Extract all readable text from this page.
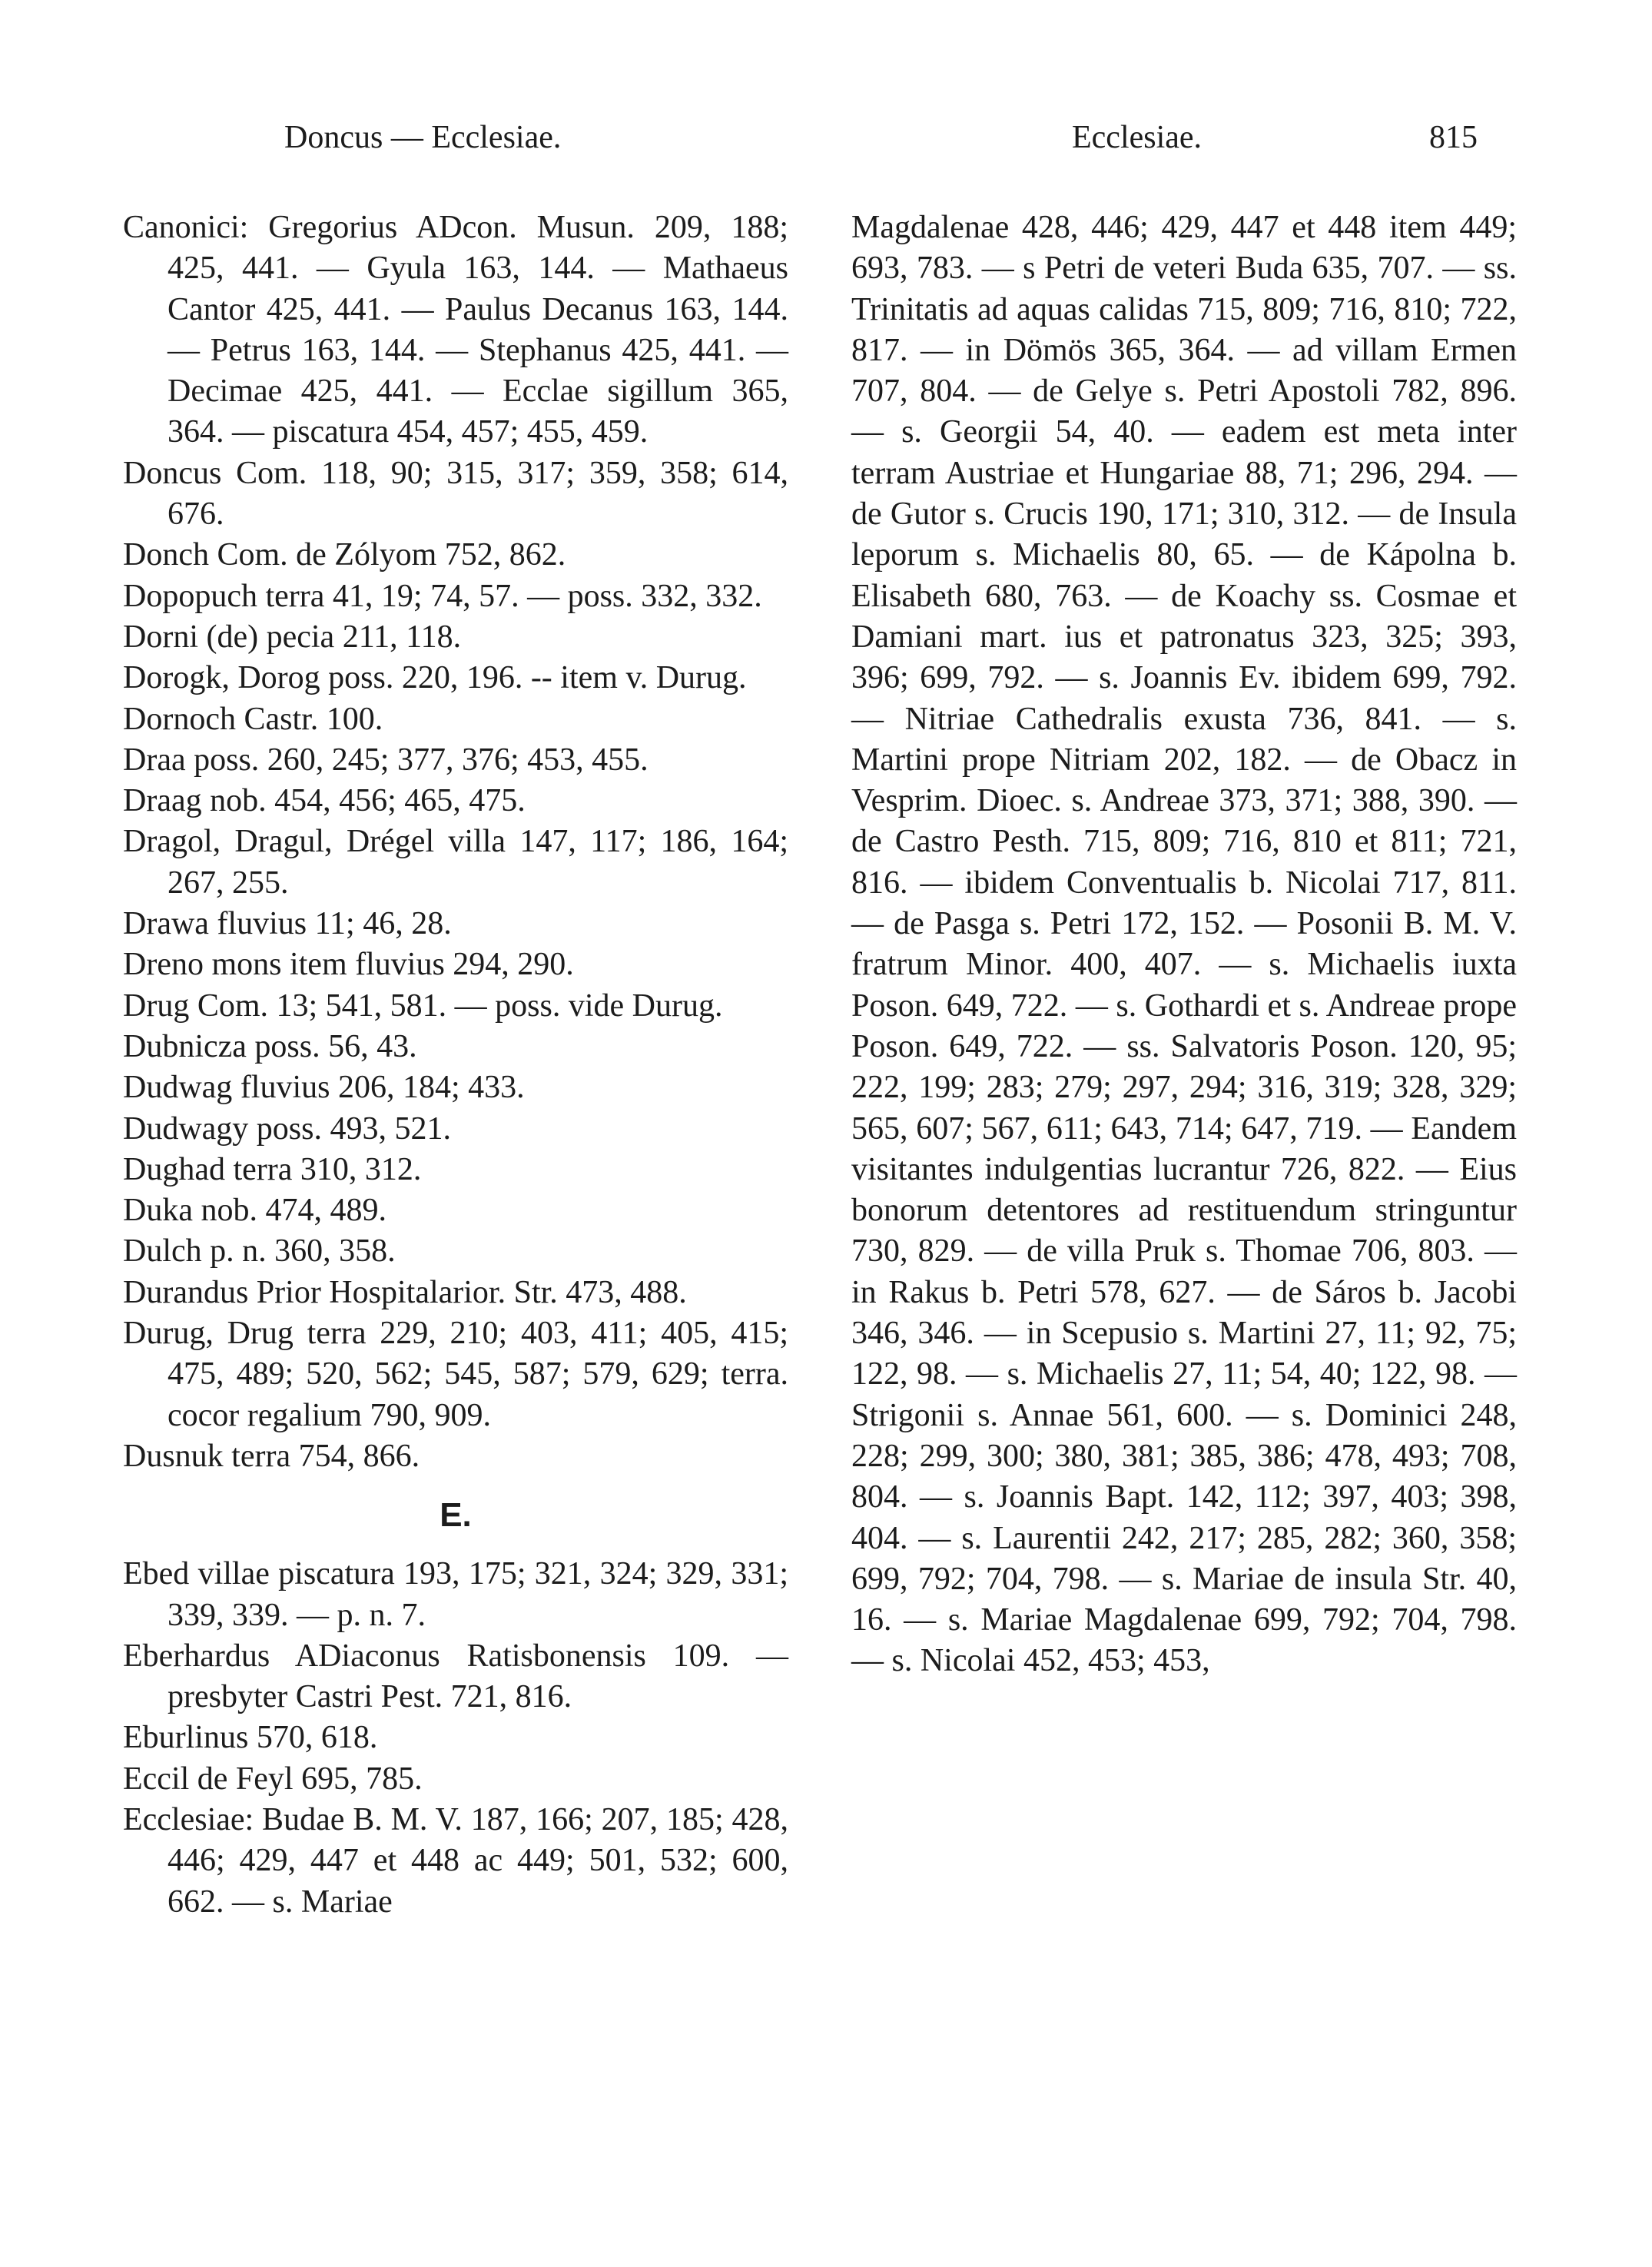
Doncus — Ecclesiae.	Ecclesiae.	815
Canonici: Gregorius ADcon. Musun. 209, 188; 425, 441. — Gyula 163, 144. — Mathaeus Cantor 425, 441. — Paulus Decanus 163, 144. — Petrus 163, 144. — Stephanus 425, 441. — Decimae 425, 441. — Ecclae sigillum 365, 364. — piscatura 454, 457; 455, 459.
Doncus Com. 118, 90; 315, 317; 359, 358; 614, 676.
Donch Com. de Zólyom 752, 862.
Dopopuch terra 41, 19; 74, 57. — poss. 332, 332.
Dorni (de) pecia 211, 118.
Dorogk, Dorog poss. 220, 196. -- item v. Durug.
Dornoch Castr. 100.
Draa poss. 260, 245; 377, 376; 453, 455.
Draag nob. 454, 456; 465, 475.
Dragol, Dragul, Drégel villa 147, 117; 186, 164; 267, 255.
Drawa fluvius 11; 46, 28.
Dreno mons item fluvius 294, 290.
Drug Com. 13; 541, 581. — poss. vide Durug.
Dubnicza poss. 56, 43.
Dudwag fluvius 206, 184; 433.
Dudwagy poss. 493, 521.
Dughad terra 310, 312.
Duka nob. 474, 489.
Dulch p. n. 360, 358.
Durandus Prior Hospitalarior. Str. 473, 488.
Durug, Drug terra 229, 210; 403, 411; 405, 415; 475, 489; 520, 562; 545, 587; 579, 629; terra. cocor regalium 790, 909.
Dusnuk terra 754, 866.
E.
Ebed villae piscatura 193, 175; 321, 324; 329, 331; 339, 339. — p. n. 7.
Eberhardus ADiaconus Ratisbonensis 109. — presbyter Castri Pest. 721, 816.
Eburlinus 570, 618.
Eccil de Feyl 695, 785.
Ecclesiae: Budae B. M. V. 187, 166; 207, 185; 428, 446; 429, 447 et 448 ac 449; 501, 532; 600, 662. — s. Mariae
Magdalenae 428, 446; 429, 447 et 448 item 449; 693, 783. — s Petri de veteri Buda 635, 707. — ss. Trinitatis ad aquas calidas 715, 809; 716, 810; 722, 817. — in Dömös 365, 364. — ad villam Ermen 707, 804. — de Gelye s. Petri Apostoli 782, 896. — s. Georgii 54, 40. — eadem est meta inter terram Austriae et Hungariae 88, 71; 296, 294. — de Gutor s. Crucis 190, 171; 310, 312. — de Insula leporum s. Michaelis 80, 65. — de Kápolna b. Elisabeth 680, 763. — de Koachy ss. Cosmae et Damiani mart. ius et patronatus 323, 325; 393, 396; 699, 792. — s. Joannis Ev. ibidem 699, 792. — Nitriae Cathedralis exusta 736, 841. — s. Martini prope Nitriam 202, 182. — de Obacz in Vesprim. Dioec. s. Andreae 373, 371; 388, 390. — de Castro Pesth. 715, 809; 716, 810 et 811; 721, 816. — ibidem Conventualis b. Nicolai 717, 811. — de Pasga s. Petri 172, 152. — Posonii B. M. V. fratrum Minor. 400, 407. — s. Michaelis iuxta Poson. 649, 722. — s. Gothardi et s. Andreae prope Poson. 649, 722. — ss. Salvatoris Poson. 120, 95; 222, 199; 283; 279; 297, 294; 316, 319; 328, 329; 565, 607; 567, 611; 643, 714; 647, 719. — Eandem visitantes indulgentias lucrantur 726, 822. — Eius bonorum detentores ad restituendum stringuntur 730, 829. — de villa Pruk s. Thomae 706, 803. — in Rakus b. Petri 578, 627. — de Sáros b. Jacobi 346, 346. — in Scepusio s. Martini 27, 11; 92, 75; 122, 98. — s. Michaelis 27, 11; 54, 40; 122, 98. — Strigonii s. Annae 561, 600. — s. Dominici 248, 228; 299, 300; 380, 381; 385, 386; 478, 493; 708, 804. — s. Joannis Bapt. 142, 112; 397, 403; 398, 404. — s. Laurentii 242, 217; 285, 282; 360, 358; 699, 792; 704, 798. — s. Mariae de insula Str. 40, 16. — s. Mariae Magdalenae 699, 792; 704, 798. — s. Nicolai 452, 453; 453,
